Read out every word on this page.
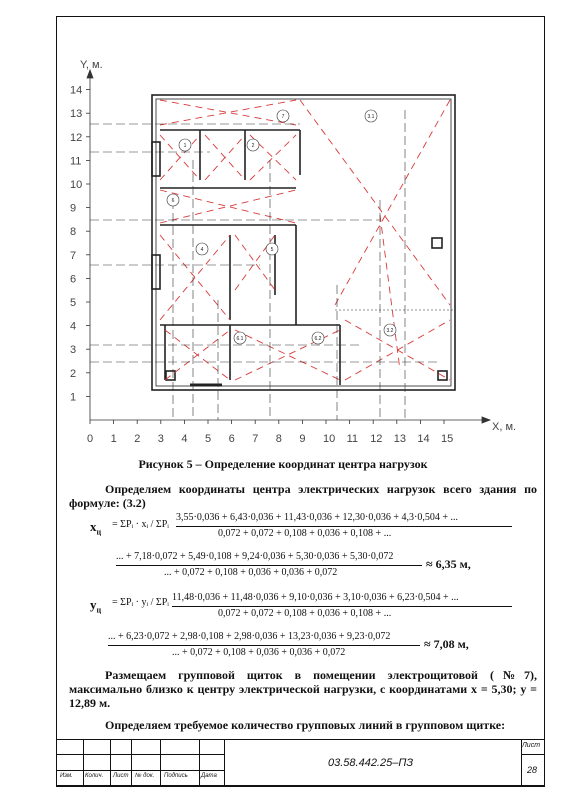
Y, м.
X, м.
0 1 2 3 4 5 6 7 8 9 10 11 12 13 14 15
1
2
3
4
5
6
7
8
9
10
11
12
13
14
1	2
4	5
6
7	3.1
3.2
6.1	6.2
Рисунок 5 – Определение координат центра нагрузок
Определяем координаты центра электрических нагрузок всего здания по формуле: (3.2)
$x_ц$
= ΣPᵢ · xᵢ / ΣPᵢ
3,55·0,036 + 6,43·0,036 + 11,43·0,036 + 12,30·0,036 + 4,3·0,504 + ...
0,072 + 0,072 + 0,108 + 0,036 + 0,108 + ...
... + 7,18·0,072 + 5,49·0,108 + 9,24·0,036 + 5,30·0,036 + 5,30·0,072
... + 0,072 + 0,108 + 0,036 + 0,036 + 0,072
≈ 6,35 м,
$y_ц$
= ΣPᵢ · yᵢ / ΣPᵢ 11,48·0,036 + 11,48·0,036 + 9,10·0,036 + 3,10·0,036 + 6,23·0,504 + ...
0,072 + 0,072 + 0,108 + 0,036 + 0,108 + ...
... + 6,23·0,072 + 2,98·0,108 + 2,98·0,036 + 13,23·0,036 + 9,23·0,072
... + 0,072 + 0,108 + 0,036 + 0,036 + 0,072
≈ 7,08 м,
Размещаем групповой щиток в помещении электрощитовой (№7), максимально близко к центру электрической нагрузки, с координатами x = 5,30; y = 12,89 м.
Определяем требуемое количество групповых линий в групповом щитке:

Изм. Колич. Лист № док. Подпись Дата
03.58.442.25–ПЗ
Лист
28
